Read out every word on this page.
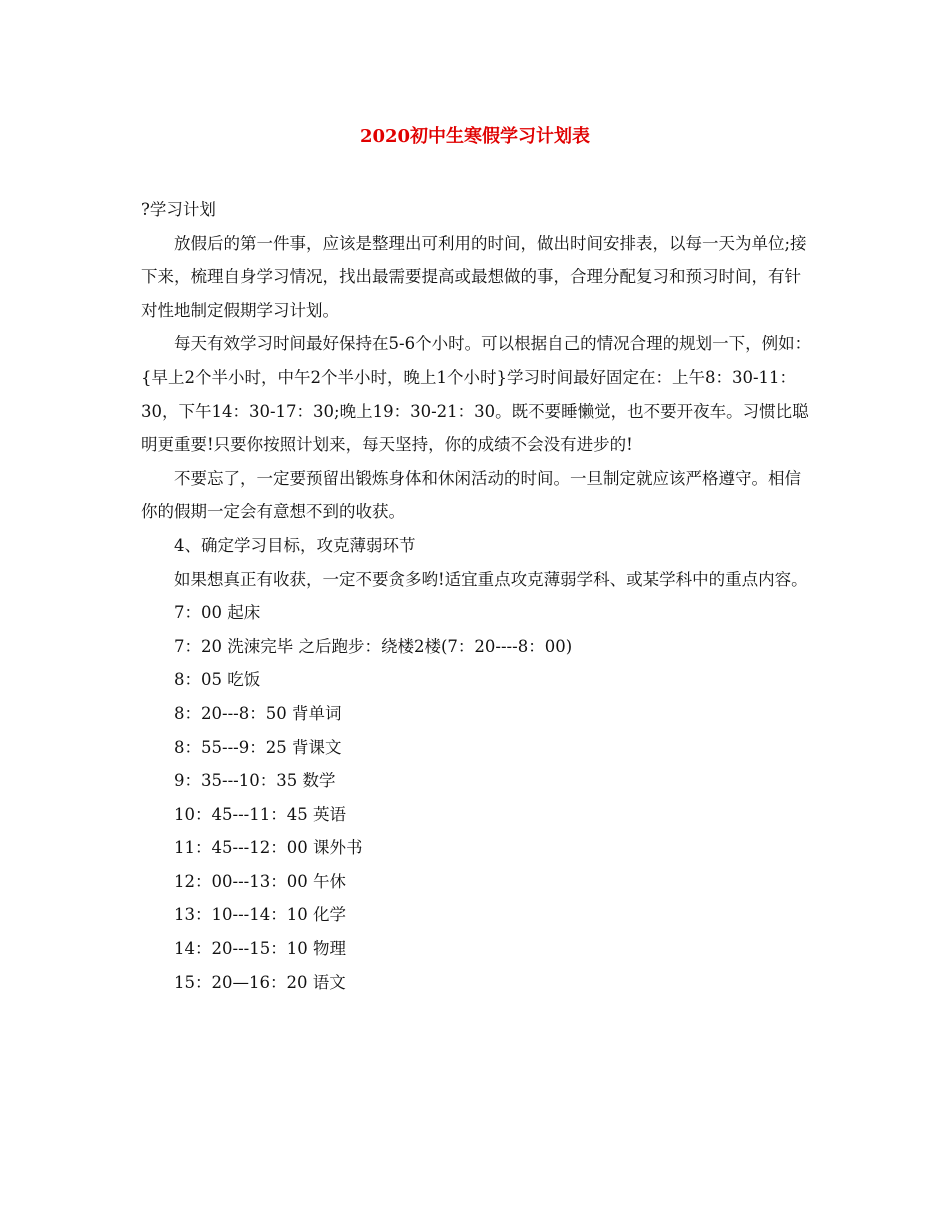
2020初中生寒假学习计划表

?学习计划

放假后的第一件事，应该是整理出可利用的时间，做出时间安排表，以每一天为单位;接下来，梳理自身学习情况，找出最需要提高或最想做的事，合理分配复习和预习时间，有针对性地制定假期学习计划。

每天有效学习时间最好保持在5-6个小时。可以根据自己的情况合理的规划一下，例如：{早上2个半小时，中午2个半小时，晚上1个小时}学习时间最好固定在：上午8：30-11：30，下午14：30-17：30;晚上19：30-21：30。既不要睡懒觉，也不要开夜车。习惯比聪明更重要!只要你按照计划来，每天坚持，你的成绩不会没有进步的!

不要忘了，一定要预留出锻炼身体和休闲活动的时间。一旦制定就应该严格遵守。相信你的假期一定会有意想不到的收获。

4、确定学习目标，攻克薄弱环节

如果想真正有收获，一定不要贪多哟!适宜重点攻克薄弱学科、或某学科中的重点内容。

7：00 起床
7：20 洗涑完毕 之后跑步：绕楼2楼(7：20----8：00)
8：05 吃饭
8：20---8：50 背单词
8：55---9：25 背课文
9：35---10：35 数学
10：45---11：45 英语
11：45---12：00 课外书
12：00---13：00 午休
13：10---14：10 化学
14：20---15：10 物理
15：20—16：20 语文
